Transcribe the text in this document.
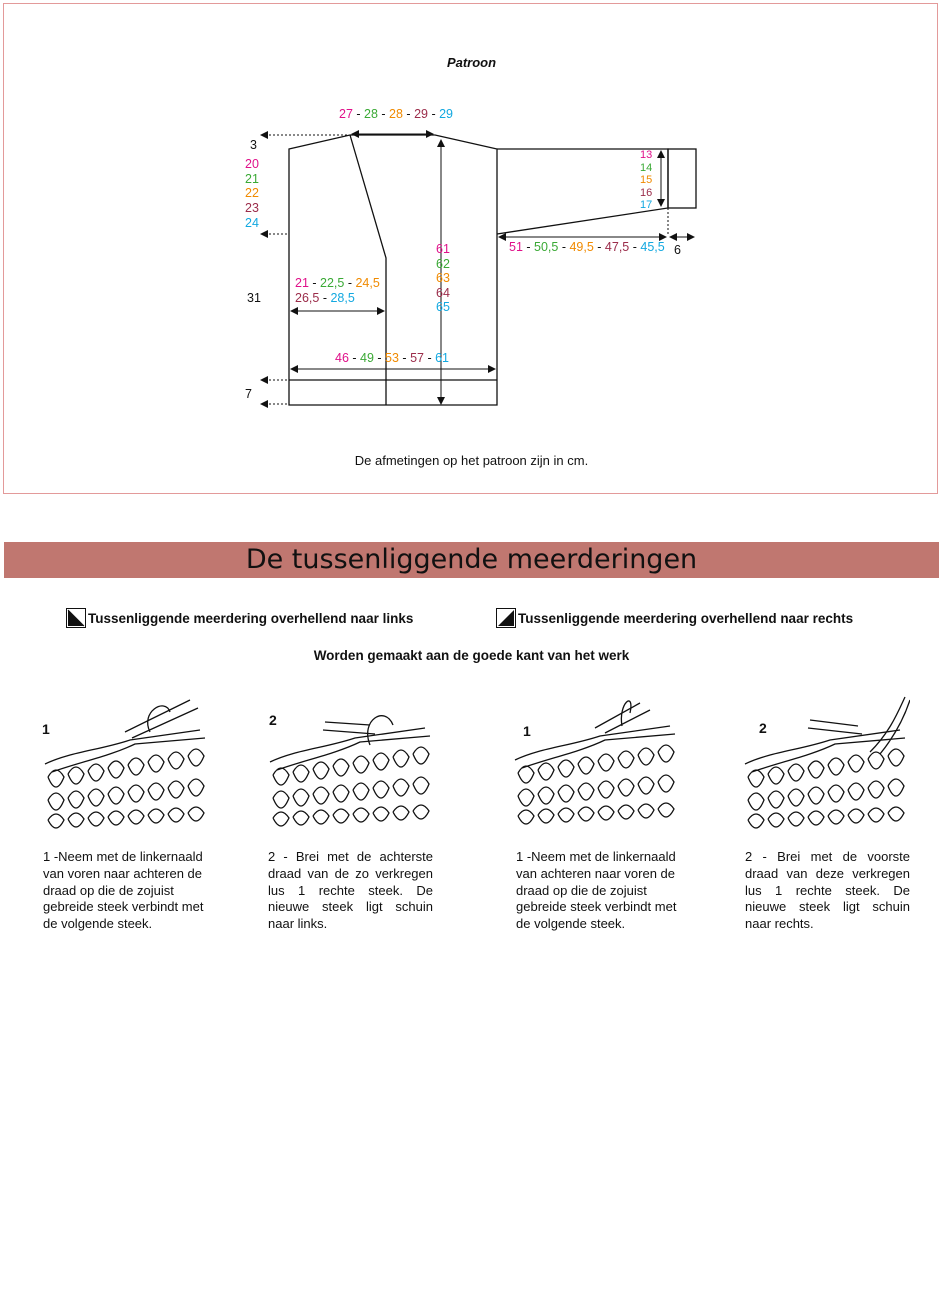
Patroon
27 - 28 - 28 - 29 - 29
3
20
21
22
23
24
31
21 - 22,5 - 24,5
26,5 - 28,5
61
62
63
64
65
46 - 49 - 53 - 57 - 61
7
13
14
15
16
17
51 - 50,5 - 49,5 - 47,5 - 45,5 6
De afmetingen op het patroon zijn in cm.
De tussenliggende meerderingen
Tussenliggende meerdering overhellend naar links	Tussenliggende meerdering overhellend naar rechts
Worden gemaakt aan de goede kant van het werk
1
2
1	2
1 -Neem met de linkernaald van voren naar achteren de draad op die de zojuist gebreide steek verbindt met de volgende steek.
2 - Brei met de achterste draad van de zo verkregen lus 1 rechte steek. De nieuwe steek ligt schuin naar links.
1 -Neem met de linkernaald van achteren naar voren de draad op die de zojuist gebreide steek verbindt met de volgende steek.
2 - Brei met de voorste draad van deze verkregen lus 1 rechte steek. De nieuwe steek ligt schuin naar rechts.
